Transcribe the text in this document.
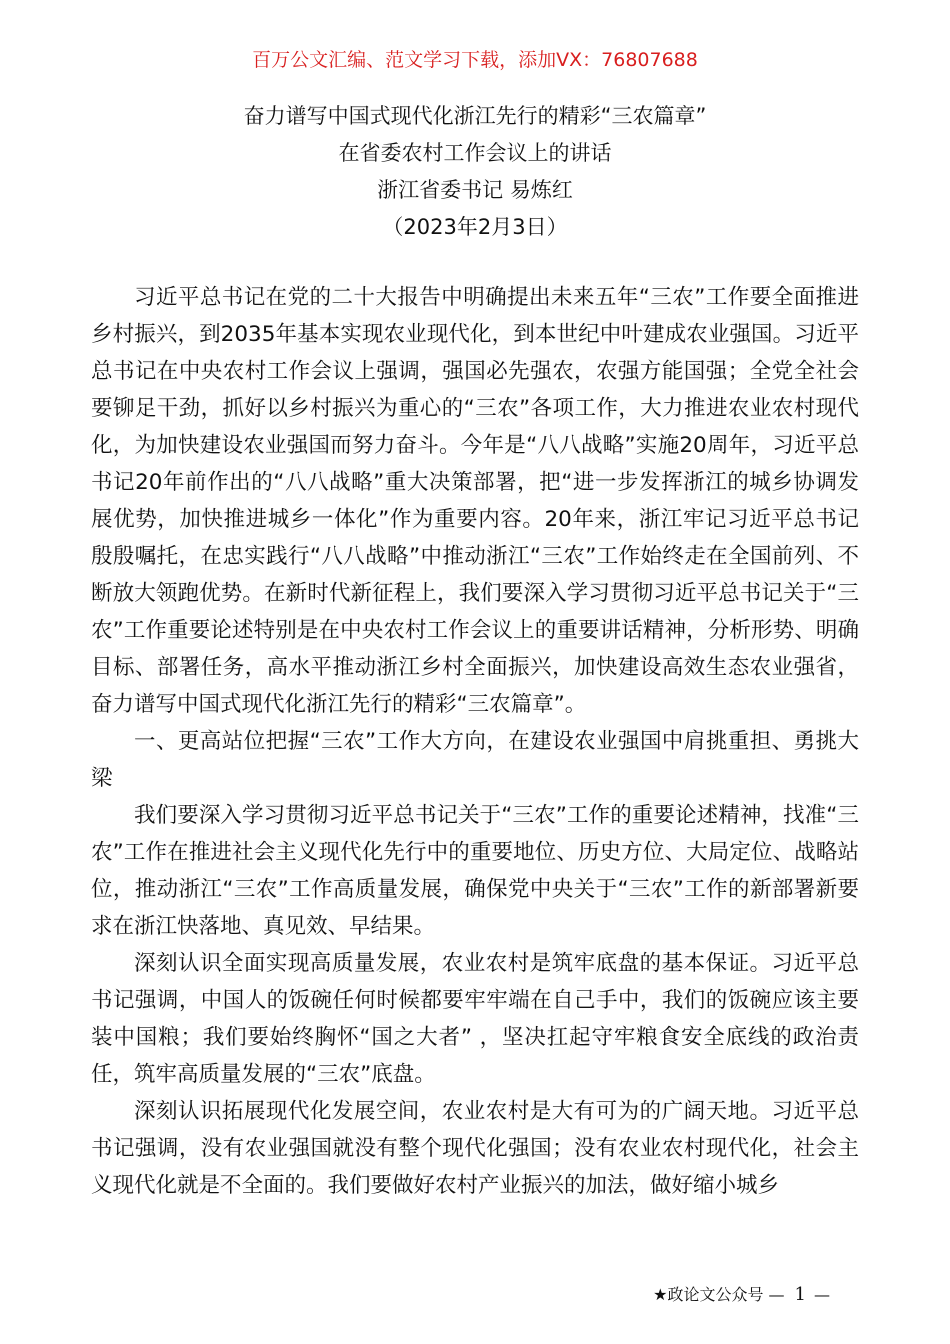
百万公文汇编、范文学习下载，添加VX：76807688
奋力谱写中国式现代化浙江先行的精彩“三农篇章”
在省委农村工作会议上的讲话
浙江省委书记 易炼红
（2023年2月3日）

习近平总书记在党的二十大报告中明确提出未来五年“三农”工作要全面推进乡村振兴，到2035年基本实现农业现代化，到本世纪中叶建成农业强国。习近平总书记在中央农村工作会议上强调，强国必先强农，农强方能国强；全党全社会要铆足干劲，抓好以乡村振兴为重心的“三农”各项工作，大力推进农业农村现代化，为加快建设农业强国而努力奋斗。今年是“八八战略”实施20周年，习近平总书记20年前作出的“八八战略”重大决策部署，把“进一步发挥浙江的城乡协调发展优势，加快推进城乡一体化”作为重要内容。20年来，浙江牢记习近平总书记殷殷嘱托，在忠实践行“八八战略”中推动浙江“三农”工作始终走在全国前列、不断放大领跑优势。在新时代新征程上，我们要深入学习贯彻习近平总书记关于“三农”工作重要论述特别是在中央农村工作会议上的重要讲话精神，分析形势、明确目标、部署任务，高水平推动浙江乡村全面振兴，加快建设高效生态农业强省，奋力谱写中国式现代化浙江先行的精彩“三农篇章”。

一、更高站位把握“三农”工作大方向，在建设农业强国中肩挑重担、勇挑大梁

我们要深入学习贯彻习近平总书记关于“三农”工作的重要论述精神，找准“三农”工作在推进社会主义现代化先行中的重要地位、历史方位、大局定位、战略站位，推动浙江“三农”工作高质量发展，确保党中央关于“三农”工作的新部署新要求在浙江快落地、真见效、早结果。

深刻认识全面实现高质量发展，农业农村是筑牢底盘的基本保证。习近平总书记强调，中国人的饭碗任何时候都要牢牢端在自己手中，我们的饭碗应该主要装中国粮；我们要始终胸怀“国之大者” ，坚决扛起守牢粮食安全底线的政治责任，筑牢高质量发展的“三农”底盘。

深刻认识拓展现代化发展空间，农业农村是大有可为的广阔天地。习近平总书记强调，没有农业强国就没有整个现代化强国；没有农业农村现代化，社会主义现代化就是不全面的。我们要做好农村产业振兴的加法，做好缩小城乡

★政论文公众号 — 1 —
